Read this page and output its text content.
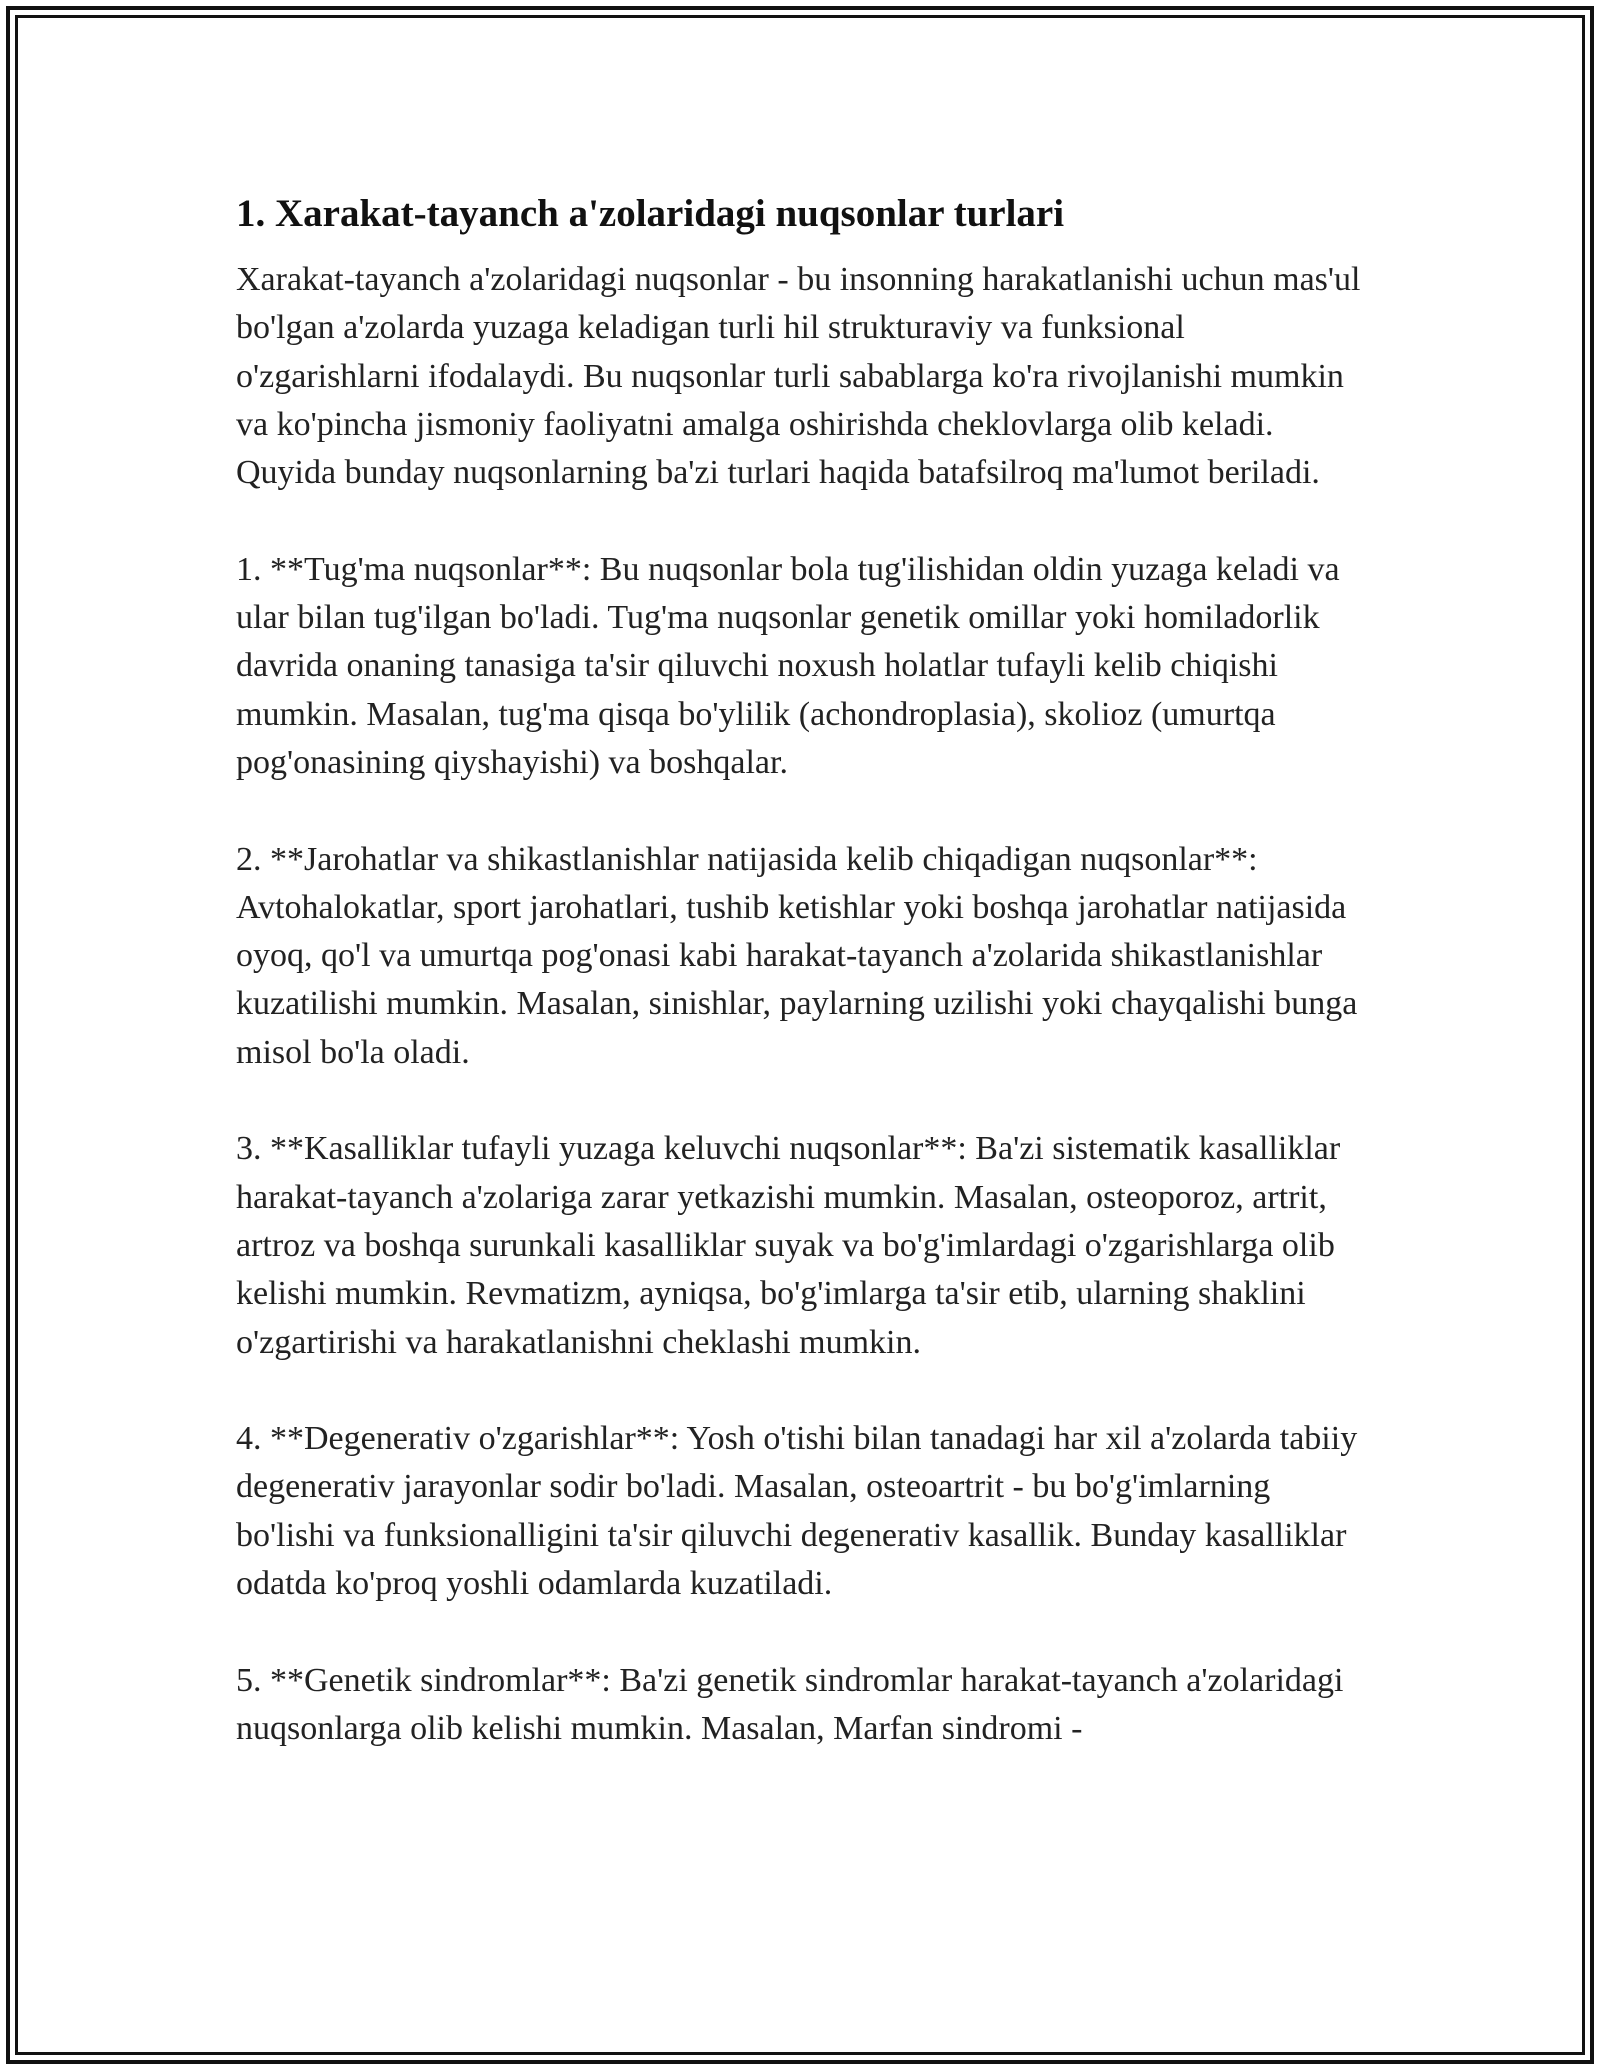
1. Xarakat-tayanch a'zolaridagi nuqsonlar turlari

Xarakat-tayanch a'zolaridagi nuqsonlar - bu insonning harakatlanishi uchun mas'ul bo'lgan a'zolarda yuzaga keladigan turli hil strukturaviy va funksional o'zgarishlarni ifodalaydi. Bu nuqsonlar turli sabablarga ko'ra rivojlanishi mumkin va ko'pincha jismoniy faoliyatni amalga oshirishda cheklovlarga olib keladi. Quyida bunday nuqsonlarning ba'zi turlari haqida batafsilroq ma'lumot beriladi.

1. **Tug'ma nuqsonlar**: Bu nuqsonlar bola tug'ilishidan oldin yuzaga keladi va ular bilan tug'ilgan bo'ladi. Tug'ma nuqsonlar genetik omillar yoki homiladorlik davrida onaning tanasiga ta'sir qiluvchi noxush holatlar tufayli kelib chiqishi mumkin. Masalan, tug'ma qisqa bo'ylilik (achondroplasia), skolioz (umurtqa pog'onasining qiyshayishi) va boshqalar.

2. **Jarohatlar va shikastlanishlar natijasida kelib chiqadigan nuqsonlar**: Avtohalokatlar, sport jarohatlari, tushib ketishlar yoki boshqa jarohatlar natijasida oyoq, qo'l va umurtqa pog'onasi kabi harakat-tayanch a'zolarida shikastlanishlar kuzatilishi mumkin. Masalan, sinishlar, paylarning uzilishi yoki chayqalishi bunga misol bo'la oladi.

3. **Kasalliklar tufayli yuzaga keluvchi nuqsonlar**: Ba'zi sistematik kasalliklar harakat-tayanch a'zolariga zarar yetkazishi mumkin. Masalan, osteoporoz, artrit, artroz va boshqa surunkali kasalliklar suyak va bo'g'imlardagi o'zgarishlarga olib kelishi mumkin. Revmatizm, ayniqsa, bo'g'imlarga ta'sir etib, ularning shaklini o'zgartirishi va harakatlanishni cheklashi mumkin.

4. **Degenerativ o'zgarishlar**: Yosh o'tishi bilan tanadagi har xil a'zolarda tabiiy degenerativ jarayonlar sodir bo'ladi. Masalan, osteoartrit - bu bo'g'imlarning bo'lishi va funksionalligini ta'sir qiluvchi degenerativ kasallik. Bunday kasalliklar odatda ko'proq yoshli odamlarda kuzatiladi.

5. **Genetik sindromlar**: Ba'zi genetik sindromlar harakat-tayanch a'zolaridagi nuqsonlarga olib kelishi mumkin. Masalan, Marfan sindromi -
